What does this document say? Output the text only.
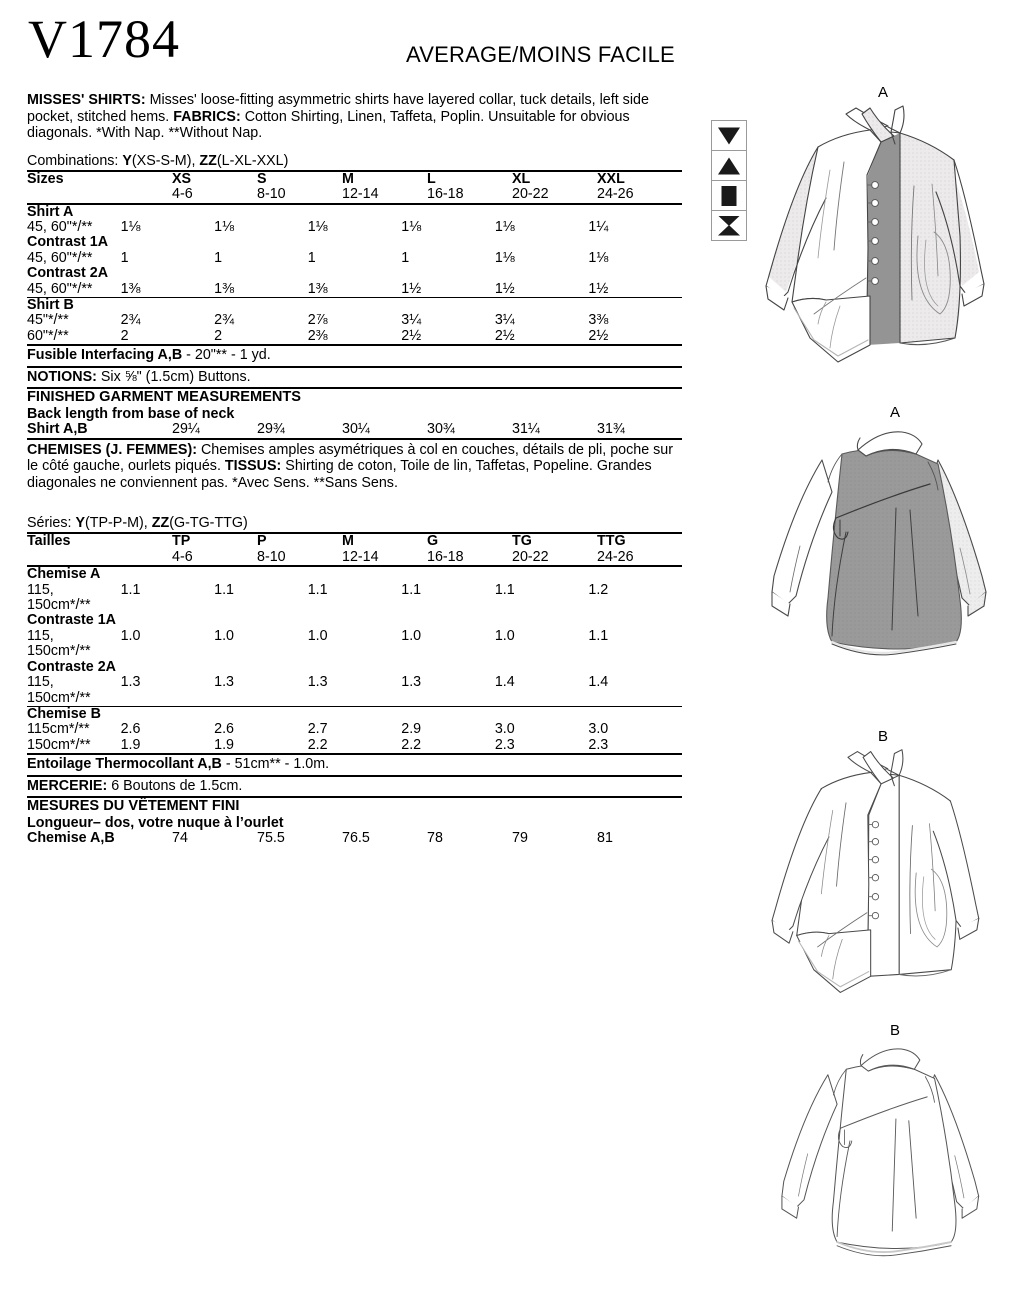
V1784	AVERAGE/MOINS FACILE
MISSES' SHIRTS: Misses' loose-fitting asymmetric shirts have layered collar, tuck details, left side pocket, stitched hems. FABRICS: Cotton Shirting, Linen, Taffeta, Poplin. Unsuitable for obvious diagonals. *With Nap. **Without Nap.
Combinations: Y(XS-S-M), ZZ(L-XL-XXL)
Sizes	XS	S	M	L	XL	XXL
	4-6	8-10	12-14	16-18	20-22	24-26
Shirt A						
45, 60"*/**	1⅛	1⅛	1⅛	1⅛	1⅛	1¼
Contrast 1A						
45, 60"*/**	1	1	1	1	1⅛	1⅛
Contrast 2A						
45, 60"*/**	1⅜	1⅜	1⅜	1½	1½	1½
Shirt B						
45"*/**	2¾	2¾	2⅞	3¼	3¼	3⅜
60"*/**	2	2	2⅜	2½	2½	2½
Fusible Interfacing A,B - 20"** - 1 yd.
NOTIONS: Six ⅝" (1.5cm) Buttons.
FINISHED GARMENT MEASUREMENTS
Back length from base of neck
Shirt A,B	29¼	29¾	30¼	30¾	31¼	31¾
CHEMISES (J. FEMMES): Chemises amples asymétriques à col en couches, détails de pli, poche sur le côté gauche, ourlets piqués. TISSUS: Shirting de coton, Toile de lin, Taffetas, Popeline. Grandes diagonales ne conviennent pas. *Avec Sens. **Sans Sens.
Séries: Y(TP-P-M), ZZ(G-TG-TTG)
Tailles	TP	P	M	G	TG	TTG
	4-6	8-10	12-14	16-18	20-22	24-26
Chemise A						
115, 150cm*/**	1.1	1.1	1.1	1.1	1.1	1.2
Contraste 1A						
115, 150cm*/**	1.0	1.0	1.0	1.0	1.0	1.1
Contraste 2A						
115, 150cm*/**	1.3	1.3	1.3	1.3	1.4	1.4
Chemise B						
115cm*/**	2.6	2.6	2.7	2.9	3.0	3.0
150cm*/**	1.9	1.9	2.2	2.2	2.3	2.3
Entoilage Thermocollant A,B - 51cm** - 1.0m.
MERCERIE: 6 Boutons de 1.5cm.
MESURES DU VÊTEMENT FINI
Longueur– dos, votre nuque à l’ourlet
Chemise A,B	74	75.5	76.5	78	79	81
A
A
B
B
